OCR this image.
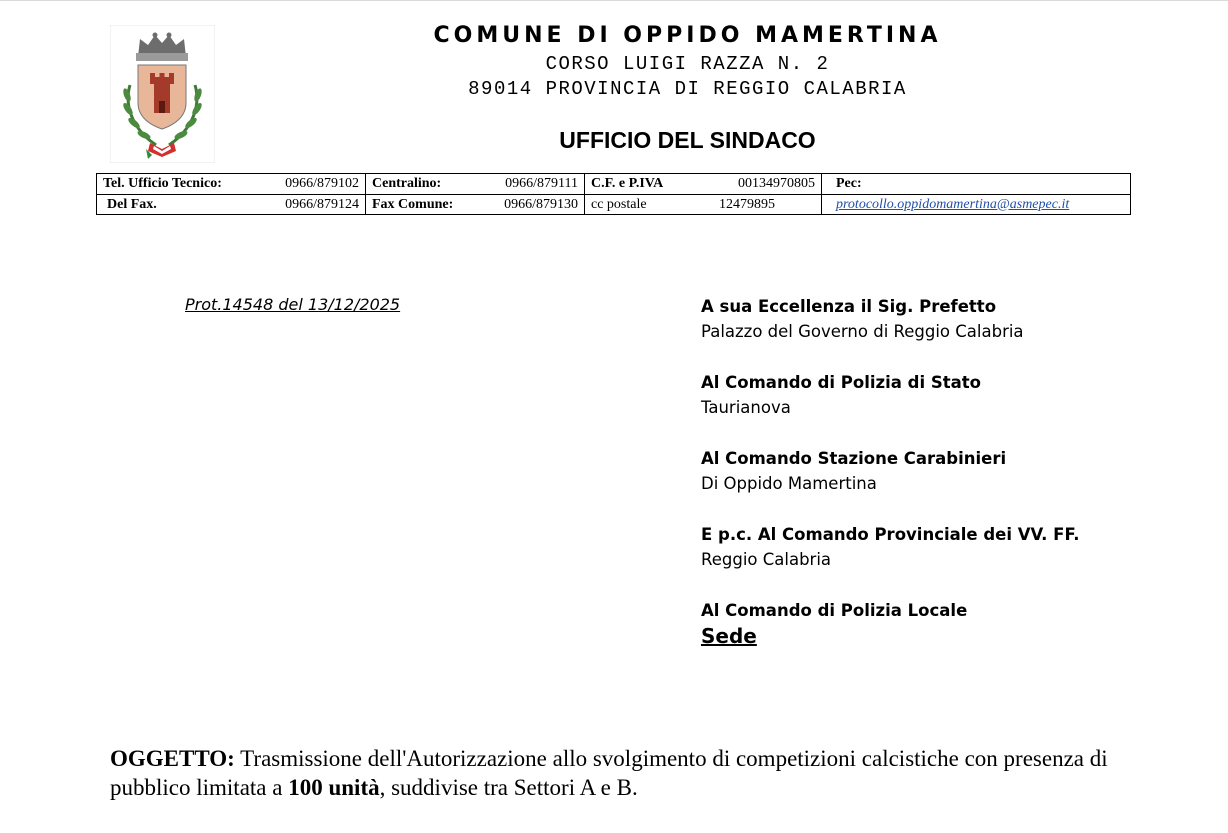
COMUNE DI OPPIDO MAMERTINA
CORSO LUIGI RAZZA N. 2
89014 PROVINCIA DI REGGIO CALABRIA
UFFICIO DEL SINDACO
Tel. Ufficio Tecnico: 0966/879102	Centralino: 0966/879111	C.F. e P.IVA 00134970805	Pec:

Del Fax. 0966/879124	Fax Comune: 0966/879130	cc postale 12479895	protocollo.oppidomamertina@asmepec.it
Prot.14548 del 13/12/2025	A sua Eccellenza il Sig. Prefetto
Palazzo del Governo di Reggio Calabria
Al Comando di Polizia di Stato
Taurianova
Al Comando Stazione Carabinieri
Di Oppido Mamertina
E p.c. Al Comando Provinciale dei VV. FF.
Reggio Calabria
Al Comando di Polizia Locale
Sede
OGGETTO: Trasmissione dell'Autorizzazione allo svolgimento di competizioni calcistiche con presenza di pubblico limitata a 100 unità, suddivise tra Settori A e B.
